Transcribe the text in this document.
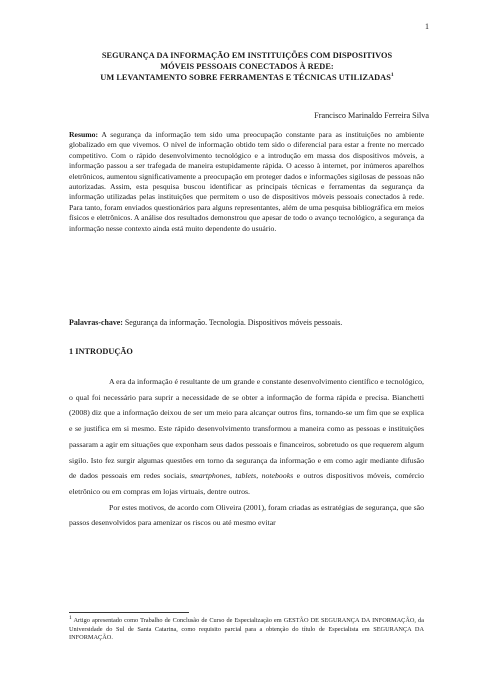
1
SEGURANÇA DA INFORMAÇÃO EM INSTITUIÇÕES COM DISPOSITIVOS
MÓVEIS PESSOAIS CONECTADOS À REDE:
UM LEVANTAMENTO SOBRE FERRAMENTAS E TÉCNICAS UTILIZADAS$^1$
Francisco Marinaldo Ferreira Silva
Resumo: A segurança da informação tem sido uma preocupação constante para as instituições no ambiente globalizado em que vivemos. O nível de informação obtido tem sido o diferencial para estar a frente no mercado competitivo. Com o rápido desenvolvimento tecnológico e a introdução em massa dos dispositivos móveis, a informação passou a ser trafegada de maneira estupidamente rápida. O acesso à internet, por inúmeros aparelhos eletrônicos, aumentou significativamente a preocupação em proteger dados e informações sigilosas de pessoas não autorizadas. Assim, esta pesquisa buscou identificar as principais técnicas e ferramentas da segurança da informação utilizadas pelas instituições que permitem o uso de dispositivos móveis pessoais conectados à rede. Para tanto, foram enviados questionários para alguns representantes, além de uma pesquisa bibliográfica em meios físicos e eletrônicos. A análise dos resultados demonstrou que apesar de todo o avanço tecnológico, a segurança da informação nesse contexto ainda está muito dependente do usuário.
Palavras-chave: Segurança da informação. Tecnologia. Dispositivos móveis pessoais.
1 INTRODUÇÃO

A era da informação é resultante de um grande e constante desenvolvimento científico e tecnológico, o qual foi necessário para suprir a necessidade de se obter a informação de forma rápida e precisa. Bianchetti (2008) diz que a informação deixou de ser um meio para alcançar outros fins, tornando-se um fim que se explica e se justifica em si mesmo. Este rápido desenvolvimento transformou a maneira como as pessoas e instituições passaram a agir em situações que exponham seus dados pessoais e financeiros, sobretudo os que requerem algum sigilo. Isto fez surgir algumas questões em torno da segurança da informação e em como agir mediante difusão de dados pessoais em redes sociais, smartphones, tablets, notebooks e outros dispositivos móveis, comércio eletrônico ou em compras em lojas virtuais, dentre outros.

Por estes motivos, de acordo com Oliveira (2001), foram criadas as estratégias de segurança, que são passos desenvolvidos para amenizar os riscos ou até mesmo evitar

1 Artigo apresentado como Trabalho de Conclusão de Curso de Especialização em GESTÃO DE SEGURANÇA DA INFORMAÇÃO, da Universidade do Sul de Santa Catarina, como requisito parcial para a obtenção do título de Especialista em SEGURANÇA DA INFORMAÇÃO.
